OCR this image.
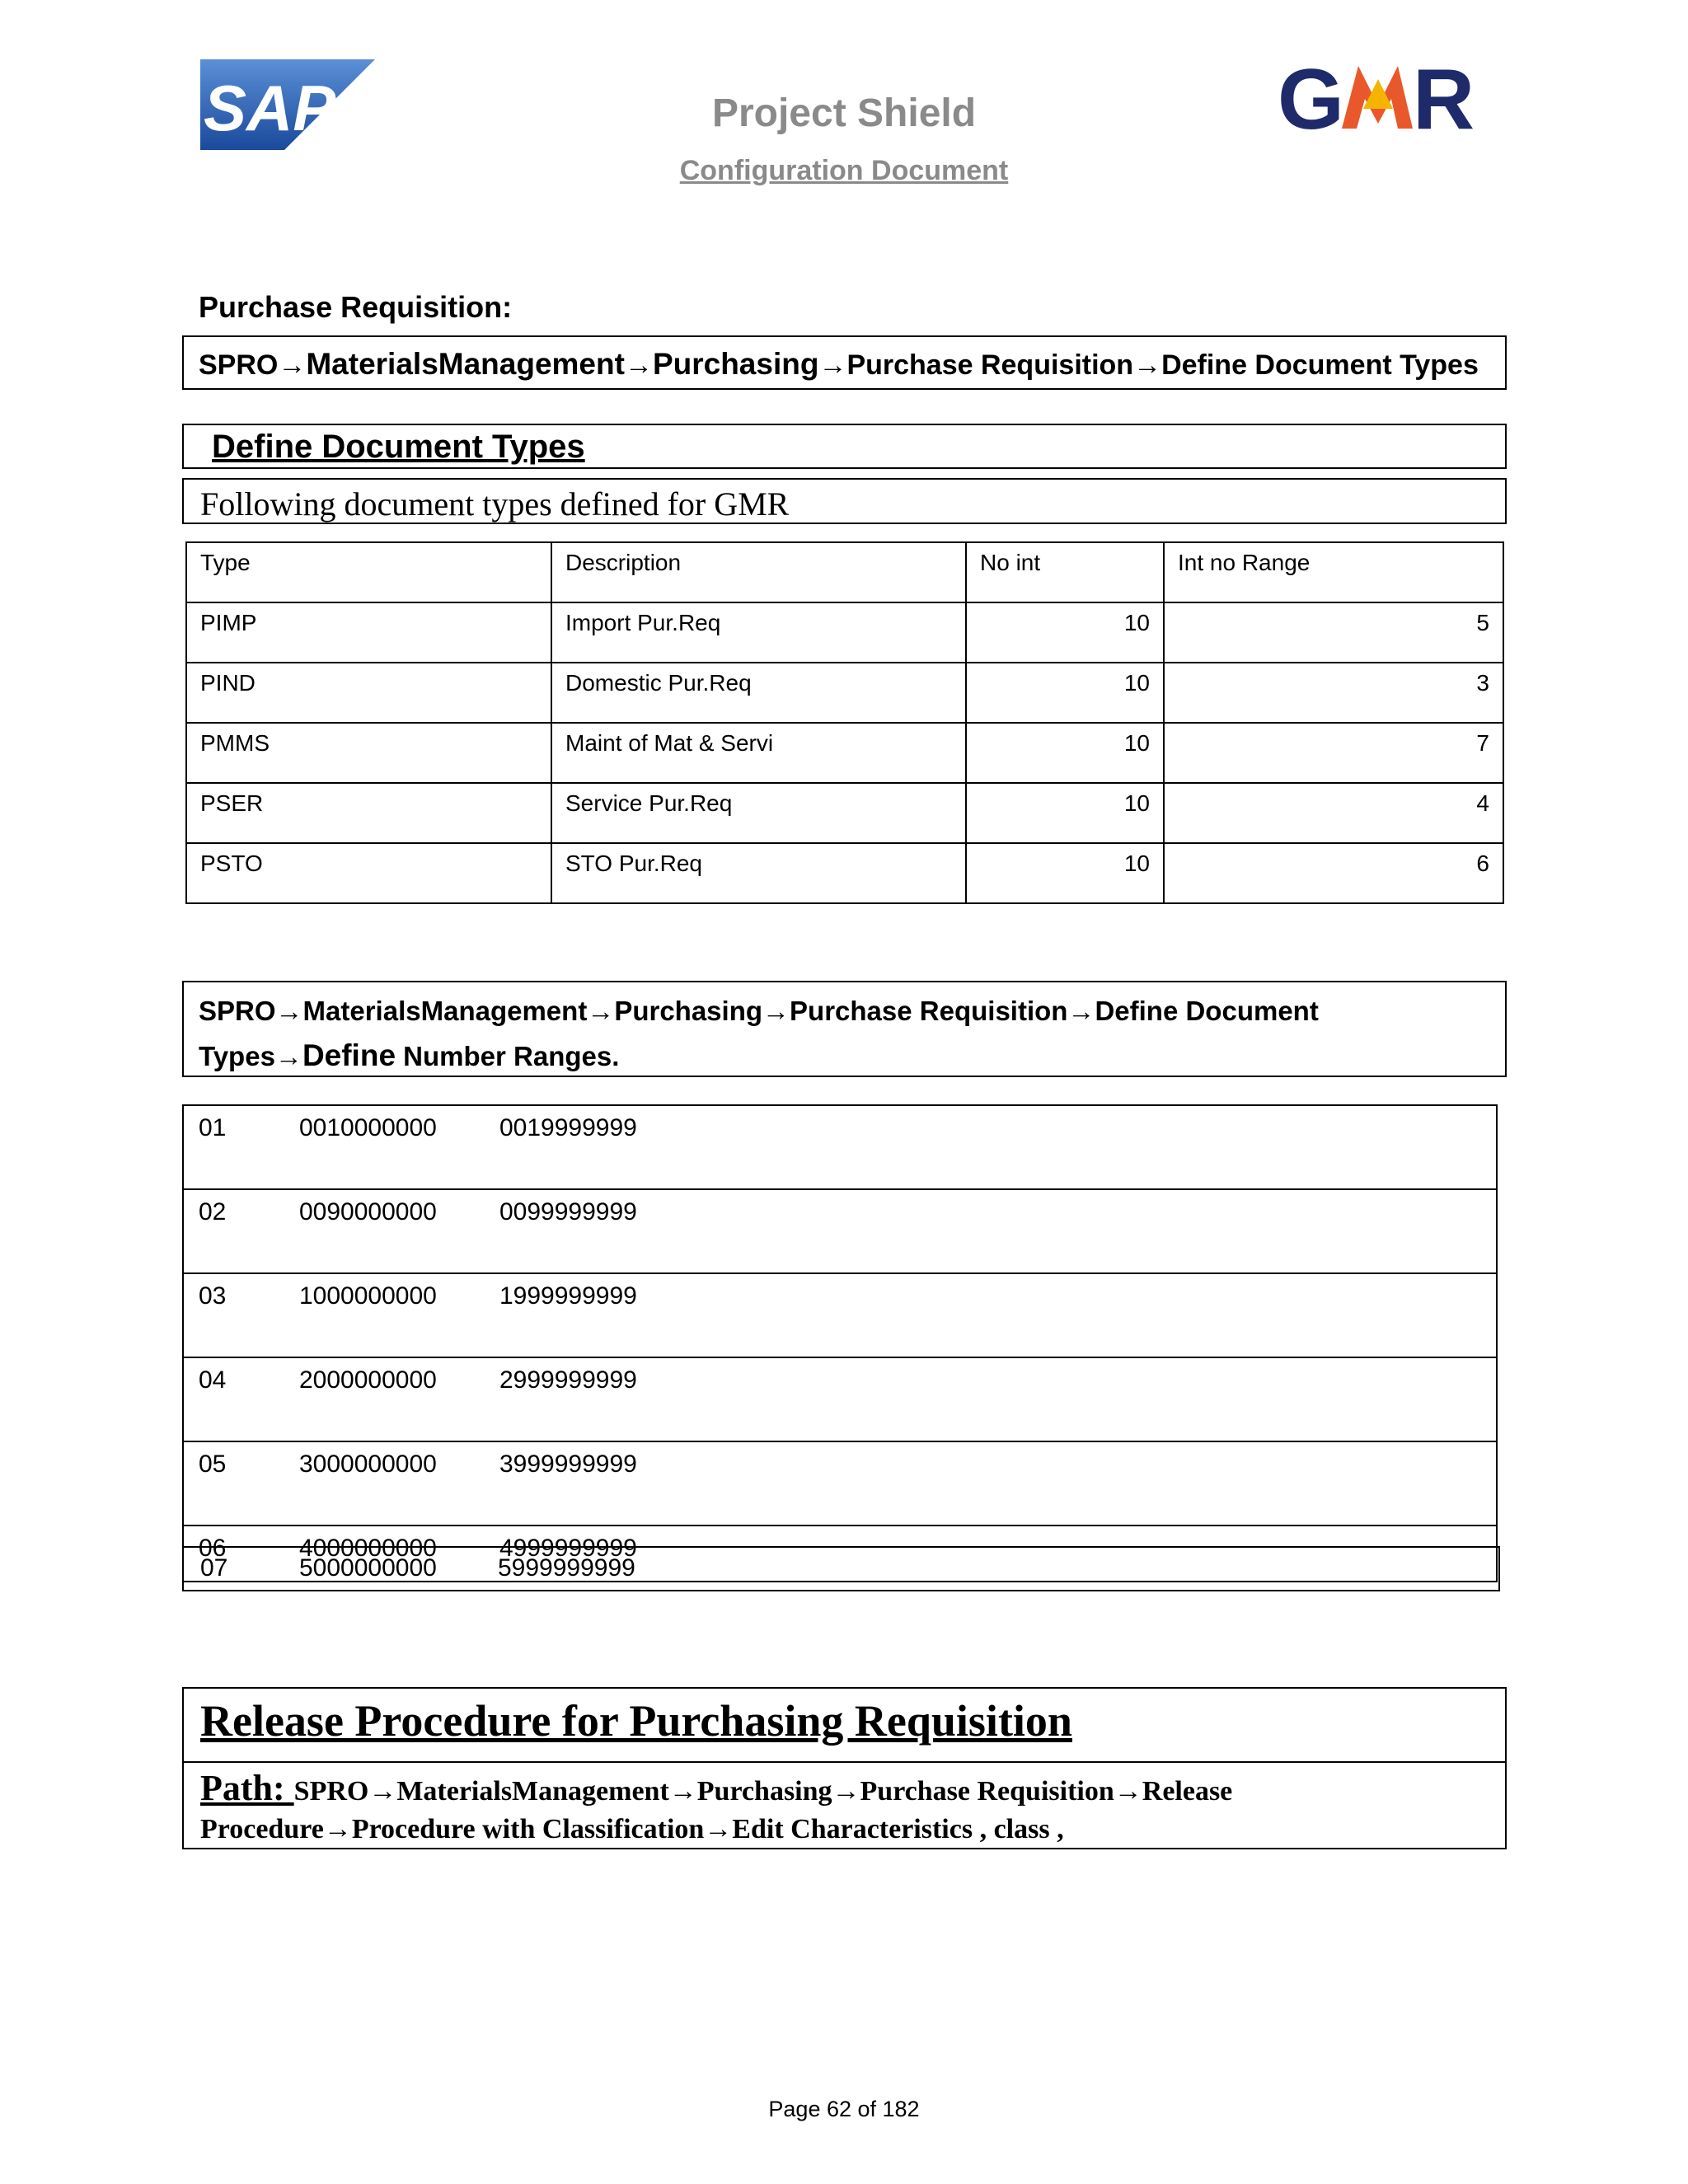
SAP	G R
Project Shield
Configuration Document
Purchase Requisition:
SPRO→MaterialsManagement→Purchasing→Purchase Requisition→Define Document Types
Define Document Types
Following document types defined for GMR
Type	Description	No int	Int no Range
PIMP	Import Pur.Req	10	5
PIND	Domestic Pur.Req	10	3
PMMS	Maint of Mat & Servi	10	7
PSER	Service Pur.Req	10	4
PSTO	STO Pur.Req	10	6
SPRO→MaterialsManagement→Purchasing→Purchase Requisition→Define Document
Types→Define Number Ranges.
01	0010000000	0019999999
02	0090000000	0099999999
03	1000000000	1999999999
04	2000000000	2999999999
05	3000000000	3999999999
06	4000000000	4999999999
07	5000000000 5999999999
Release Procedure for Purchasing Requisition
Path: SPRO→MaterialsManagement→Purchasing→Purchase Requisition→Release
Procedure→Procedure with Classification→Edit Characteristics , class ,
Page 62 of 182
